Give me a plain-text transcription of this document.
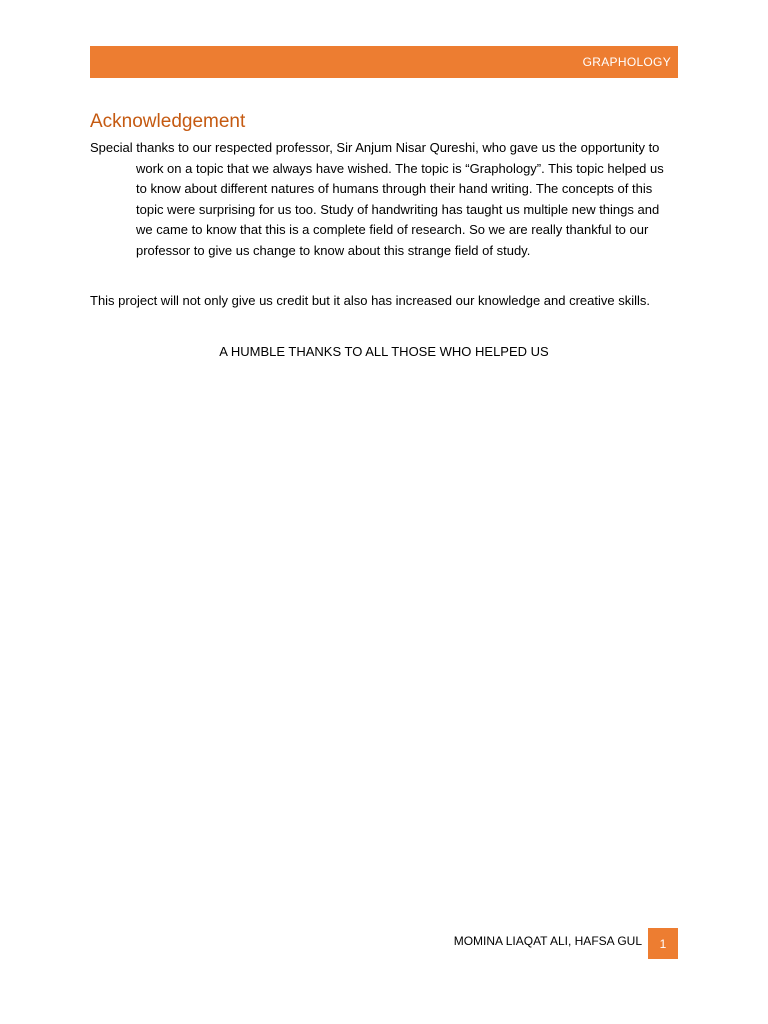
GRAPHOLOGY
Acknowledgement

Special thanks to our respected professor, Sir Anjum Nisar Qureshi, who gave us the opportunity to work on a topic that we always have wished. The topic is “Graphology”. This topic helped us to know about different natures of humans through their hand writing. The concepts of this topic were surprising for us too. Study of handwriting has taught us multiple new things and we came to know that this is a complete field of research. So we are really thankful to our professor to give us change to know about this strange field of study.

This project will not only give us credit but it also has increased our knowledge and creative skills.

A HUMBLE THANKS TO ALL THOSE WHO HELPED US
MOMINA LIAQAT ALI, HAFSA GUL 1
